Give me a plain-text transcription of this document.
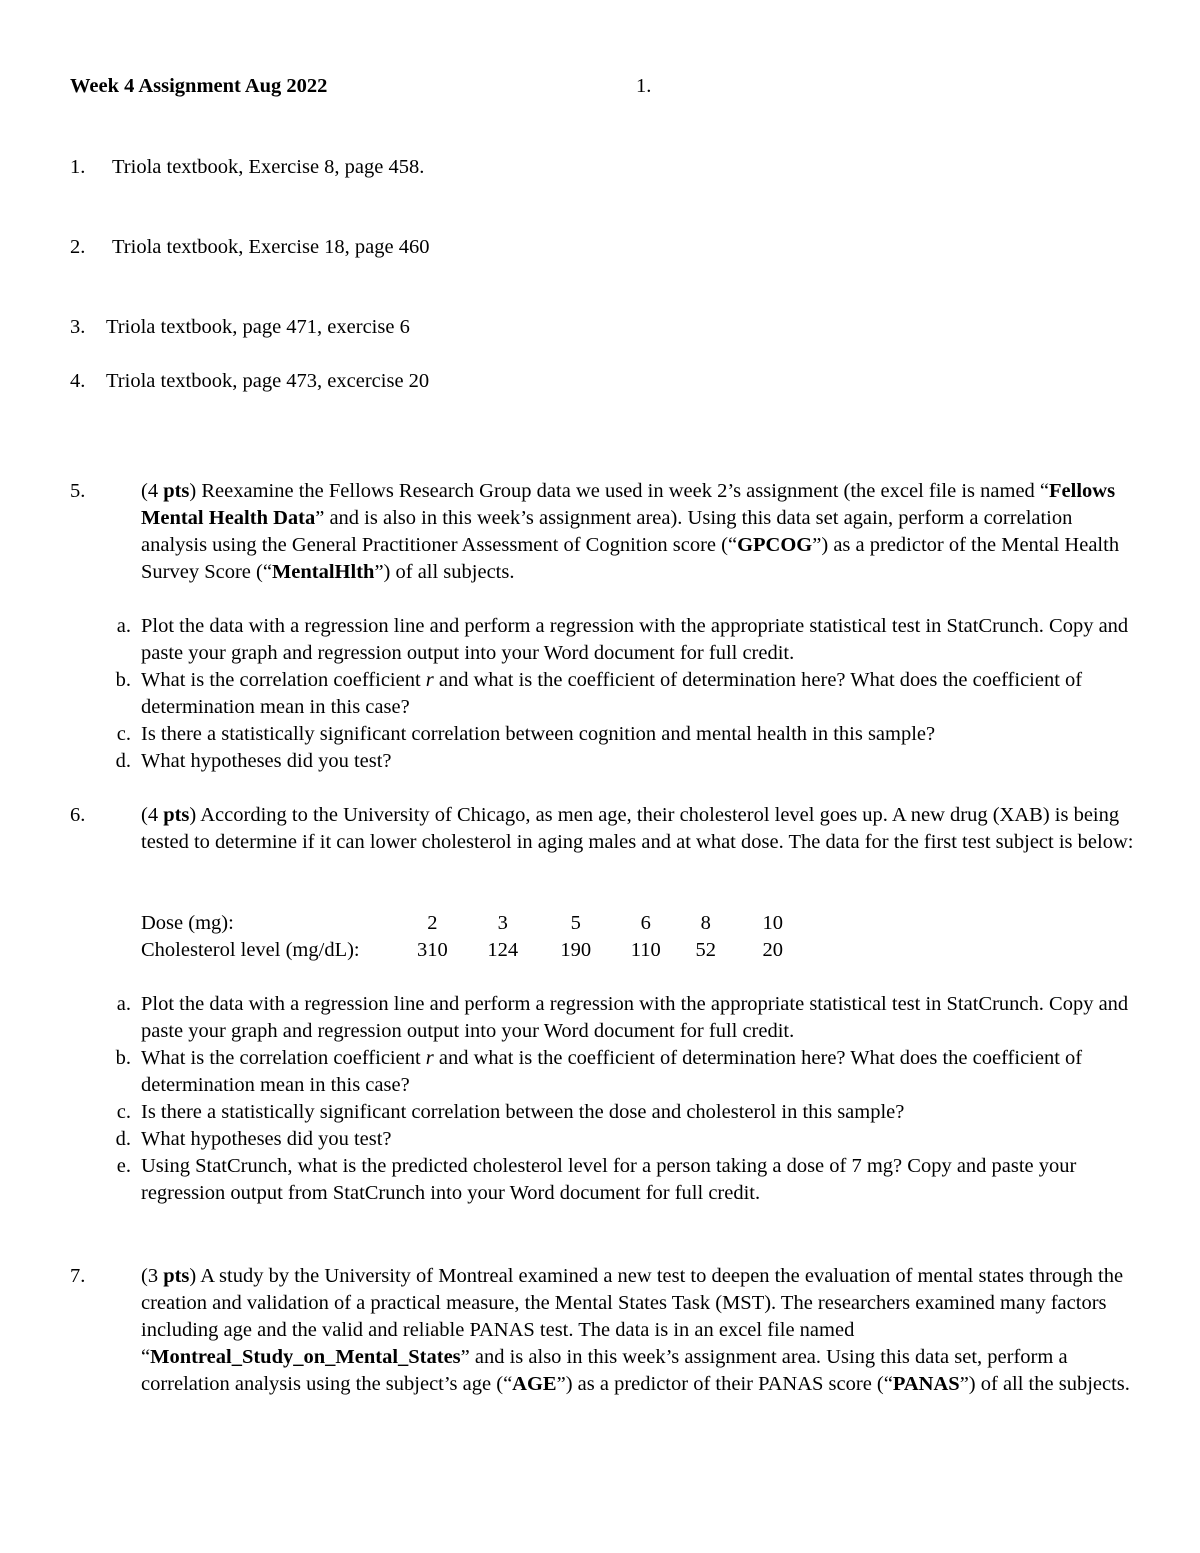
Week 4 Assignment Aug 2022	1.
1. Triola textbook, Exercise 8, page 458.
2. Triola textbook, Exercise 18, page 460
3. Triola textbook, page 471, exercise 6
4. Triola textbook, page 473, excercise 20
5.	(4 pts) Reexamine the Fellows Research Group data we used in week 2’s assignment (the excel file is named “Fellows Mental Health Data” and is also in this week’s assignment area). Using this data set again, perform a correlation analysis using the General Practitioner Assessment of Cognition score (“GPCOG”) as a predictor of the Mental Health Survey Score (“MentalHlth”) of all subjects.

a. Plot the data with a regression line and perform a regression with the appropriate statistical test in StatCrunch. Copy and paste your graph and regression output into your Word document for full credit.
b. What is the correlation coefficient r and what is the coefficient of determination here? What does the coefficient of determination mean in this case?
c. Is there a statistically significant correlation between cognition and mental health in this sample?
d. What hypotheses did you test?
6.	(4 pts) According to the University of Chicago, as men age, their cholesterol level goes up. A new drug (XAB) is being tested to determine if it can lower cholesterol in aging males and at what dose. The data for the first test subject is below:

Dose (mg):	2		3		5		6		8		10
Cholesterol level (mg/dL):	310		124		190		110		52		20
a. Plot the data with a regression line and perform a regression with the appropriate statistical test in StatCrunch. Copy and paste your graph and regression output into your Word document for full credit.
b. What is the correlation coefficient r and what is the coefficient of determination here? What does the coefficient of determination mean in this case?
c. Is there a statistically significant correlation between the dose and cholesterol in this sample?
d. What hypotheses did you test?
e. Using StatCrunch, what is the predicted cholesterol level for a person taking a dose of 7 mg? Copy and paste your regression output from StatCrunch into your Word document for full credit.
7.	(3 pts) A study by the University of Montreal examined a new test to deepen the evaluation of mental states through the creation and validation of a practical measure, the Mental States Task (MST). The researchers examined many factors including age and the valid and reliable PANAS test. The data is in an excel file named “Montreal_Study_on_Mental_States” and is also in this week’s assignment area. Using this data set, perform a correlation analysis using the subject’s age (“AGE”) as a predictor of their PANAS score (“PANAS”) of all the subjects.
